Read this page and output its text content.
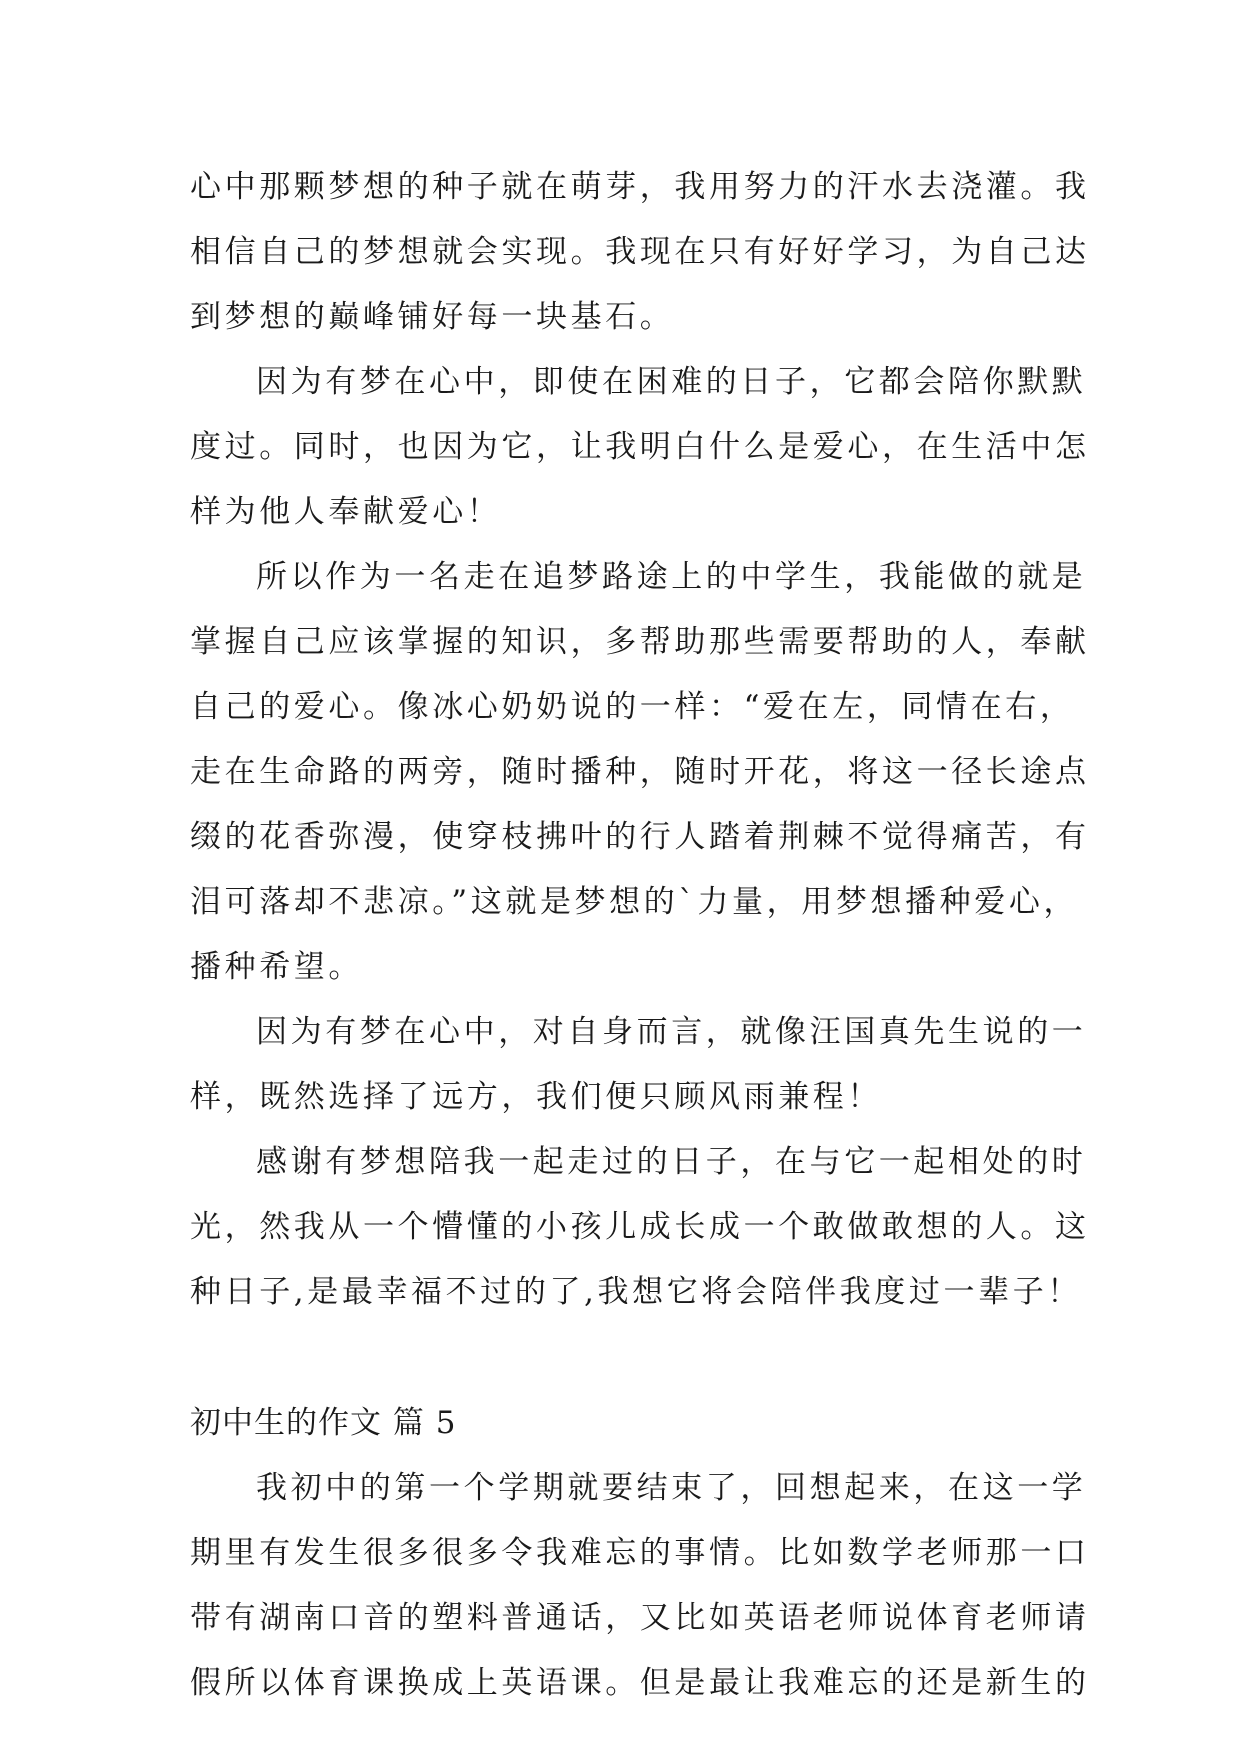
心中那颗梦想的种子就在萌芽，我用努力的汗水去浇灌。我
相信自己的梦想就会实现。我现在只有好好学习，为自己达
到梦想的巅峰铺好每一块基石。
因为有梦在心中，即使在困难的日子，它都会陪你默默
度过。同时，也因为它，让我明白什么是爱心，在生活中怎
样为他人奉献爱心！
所以作为一名走在追梦路途上的中学生，我能做的就是
掌握自己应该掌握的知识，多帮助那些需要帮助的人，奉献
自己的爱心。像冰心奶奶说的一样：“爱在左，同情在右，
走在生命路的两旁，随时播种，随时开花，将这一径长途点
缀的花香弥漫，使穿枝拂叶的行人踏着荆棘不觉得痛苦，有
泪可落却不悲凉。”这就是梦想的`力量，用梦想播种爱心，
播种希望。
因为有梦在心中，对自身而言，就像汪国真先生说的一
样，既然选择了远方，我们便只顾风雨兼程！
感谢有梦想陪我一起走过的日子，在与它一起相处的时
光，然我从一个懵懂的小孩儿成长成一个敢做敢想的人。这
种日子,是最幸福不过的了,我想它将会陪伴我度过一辈子！
初中生的作文 篇 5
我初中的第一个学期就要结束了，回想起来，在这一学
期里有发生很多很多令我难忘的事情。比如数学老师那一口
带有湖南口音的塑料普通话，又比如英语老师说体育老师请
假所以体育课换成上英语课。但是最让我难忘的还是新生的
